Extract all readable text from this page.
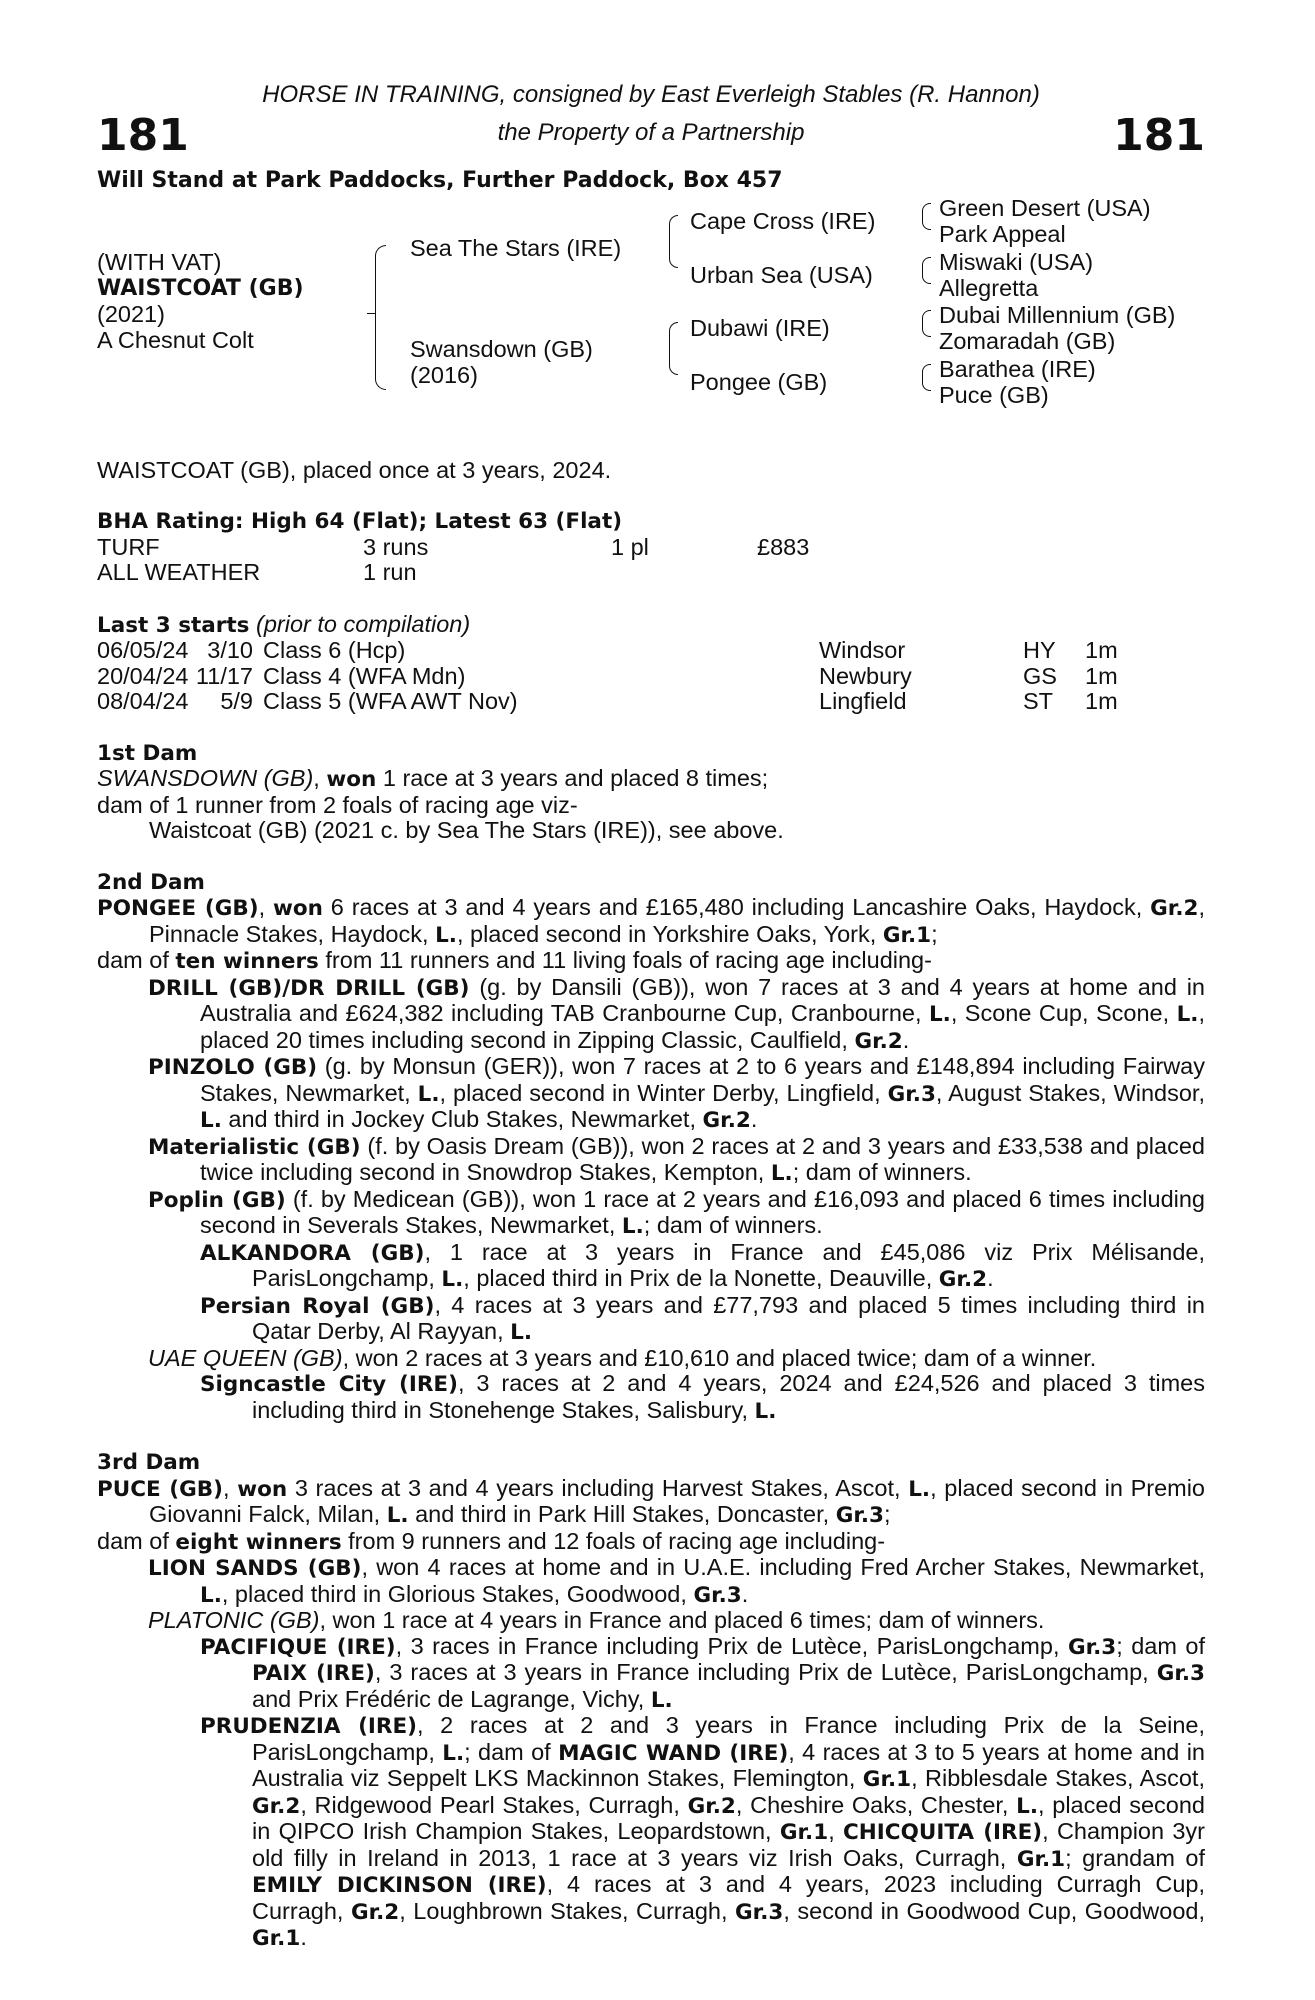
181	181
HORSE IN TRAINING, consigned by East Everleigh Stables (R. Hannon)
the Property of a Partnership
Will Stand at Park Paddocks, Further Paddock, Box 457
(WITH VAT)
WAISTCOAT (GB)
(2021)
A Chesnut Colt
Sea The Stars (IRE)
Swansdown (GB)
(2016)
Cape Cross (IRE)
Urban Sea (USA)
Dubawi (IRE)
Pongee (GB)
Green Desert (USA)
Park Appeal
Miswaki (USA)
Allegretta
Dubai Millennium (GB)
Zomaradah (GB)
Barathea (IRE)
Puce (GB)

WAISTCOAT (GB), placed once at 3 years, 2024.

BHA Rating: High 64 (Flat); Latest 63 (Flat)
TURF	3 runs	1 pl	£883
ALL WEATHER	1 run		
Last 3 starts (prior to compilation)
06/05/24	3/10	Class 6 (Hcp)	Windsor	HY	1m
20/04/24	11/17	Class 4 (WFA Mdn)	Newbury	GS	1m
08/04/24	5/9	Class 5 (WFA AWT Nov)	Lingfield	ST	1m
1st Dam

SWANSDOWN (GB), won 1 race at 3 years and placed 8 times;

dam of 1 runner from 2 foals of racing age viz-

Waistcoat (GB) (2021 c. by Sea The Stars (IRE)), see above.

2nd Dam

PONGEE (GB), won 6 races at 3 and 4 years and £165,480 including Lancashire Oaks, Haydock, Gr.2, Pinnacle Stakes, Haydock, L., placed second in Yorkshire Oaks, York, Gr.1;

dam of ten winners from 11 runners and 11 living foals of racing age including-

DRILL (GB)/DR DRILL (GB) (g. by Dansili (GB)), won 7 races at 3 and 4 years at home and in Australia and £624,382 including TAB Cranbourne Cup, Cranbourne, L., Scone Cup, Scone, L., placed 20 times including second in Zipping Classic, Caulfield, Gr.2.

PINZOLO (GB) (g. by Monsun (GER)), won 7 races at 2 to 6 years and £148,894 including Fairway Stakes, Newmarket, L., placed second in Winter Derby, Lingfield, Gr.3, August Stakes, Windsor, L. and third in Jockey Club Stakes, Newmarket, Gr.2.

Materialistic (GB) (f. by Oasis Dream (GB)), won 2 races at 2 and 3 years and £33,538 and placed twice including second in Snowdrop Stakes, Kempton, L.; dam of winners.

Poplin (GB) (f. by Medicean (GB)), won 1 race at 2 years and £16,093 and placed 6 times including second in Severals Stakes, Newmarket, L.; dam of winners.

ALKANDORA (GB), 1 race at 3 years in France and £45,086 viz Prix Mélisande, ParisLongchamp, L., placed third in Prix de la Nonette, Deauville, Gr.2.

Persian Royal (GB), 4 races at 3 years and £77,793 and placed 5 times including third in Qatar Derby, Al Rayyan, L.

UAE QUEEN (GB), won 2 races at 3 years and £10,610 and placed twice; dam of a winner.

Signcastle City (IRE), 3 races at 2 and 4 years, 2024 and £24,526 and placed 3 times including third in Stonehenge Stakes, Salisbury, L.

3rd Dam

PUCE (GB), won 3 races at 3 and 4 years including Harvest Stakes, Ascot, L., placed second in Premio Giovanni Falck, Milan, L. and third in Park Hill Stakes, Doncaster, Gr.3;

dam of eight winners from 9 runners and 12 foals of racing age including-

LION SANDS (GB), won 4 races at home and in U.A.E. including Fred Archer Stakes, Newmarket, L., placed third in Glorious Stakes, Goodwood, Gr.3.

PLATONIC (GB), won 1 race at 4 years in France and placed 6 times; dam of winners.

PACIFIQUE (IRE), 3 races in France including Prix de Lutèce, ParisLongchamp, Gr.3; dam of PAIX (IRE), 3 races at 3 years in France including Prix de Lutèce, ParisLongchamp, Gr.3 and Prix Frédéric de Lagrange, Vichy, L.

PRUDENZIA (IRE), 2 races at 2 and 3 years in France including Prix de la Seine, ParisLongchamp, L.; dam of MAGIC WAND (IRE), 4 races at 3 to 5 years at home and in Australia viz Seppelt LKS Mackinnon Stakes, Flemington, Gr.1, Ribblesdale Stakes, Ascot, Gr.2, Ridgewood Pearl Stakes, Curragh, Gr.2, Cheshire Oaks, Chester, L., placed second in QIPCO Irish Champion Stakes, Leopardstown, Gr.1, CHICQUITA (IRE), Champion 3yr old filly in Ireland in 2013, 1 race at 3 years viz Irish Oaks, Curragh, Gr.1; grandam of EMILY DICKINSON (IRE), 4 races at 3 and 4 years, 2023 including Curragh Cup, Curragh, Gr.2, Loughbrown Stakes, Curragh, Gr.3, second in Goodwood Cup, Goodwood, Gr.1.
